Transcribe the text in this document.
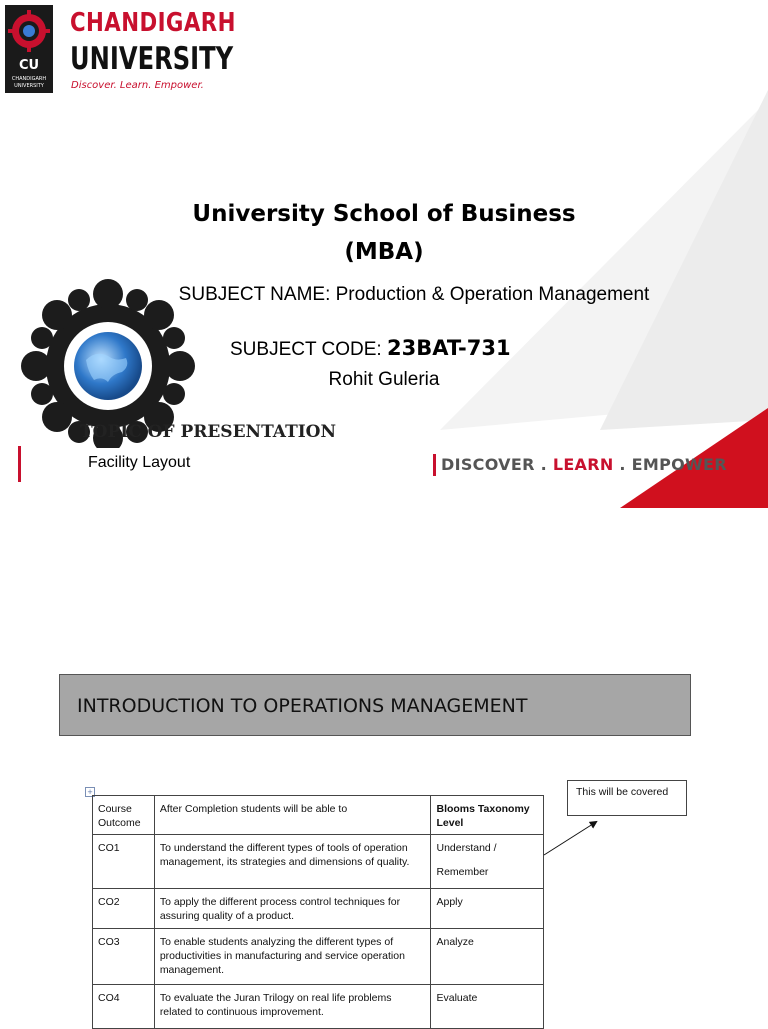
CU
CHANDIGARH
UNIVERSITY
CHANDIGARH
UNIVERSITY
Discover. Learn. Empower.
University School of Business
(MBA)
SUBJECT NAME: Production & Operation Management
SUBJECT CODE: 23BAT-731
Rohit Guleria
TOPIC OF PRESENTATION
Facility Layout	DISCOVER . LEARN . EMPOWER
INTRODUCTION TO OPERATIONS MANAGEMENT
+
Course Outcome	After Completion students will be able to	Blooms Taxonomy Level
CO1	To understand the different types of tools of operation management, its strategies and dimensions of quality.	Understand /
Remember

CO2	To apply the different process control techniques for assuring quality of a product.	Apply
CO3	To enable students analyzing the different types of productivities in manufacturing and service operation management.	Analyze
CO4	To evaluate the Juran Trilogy on real life problems related to continuous improvement.	Evaluate
This will be covered
